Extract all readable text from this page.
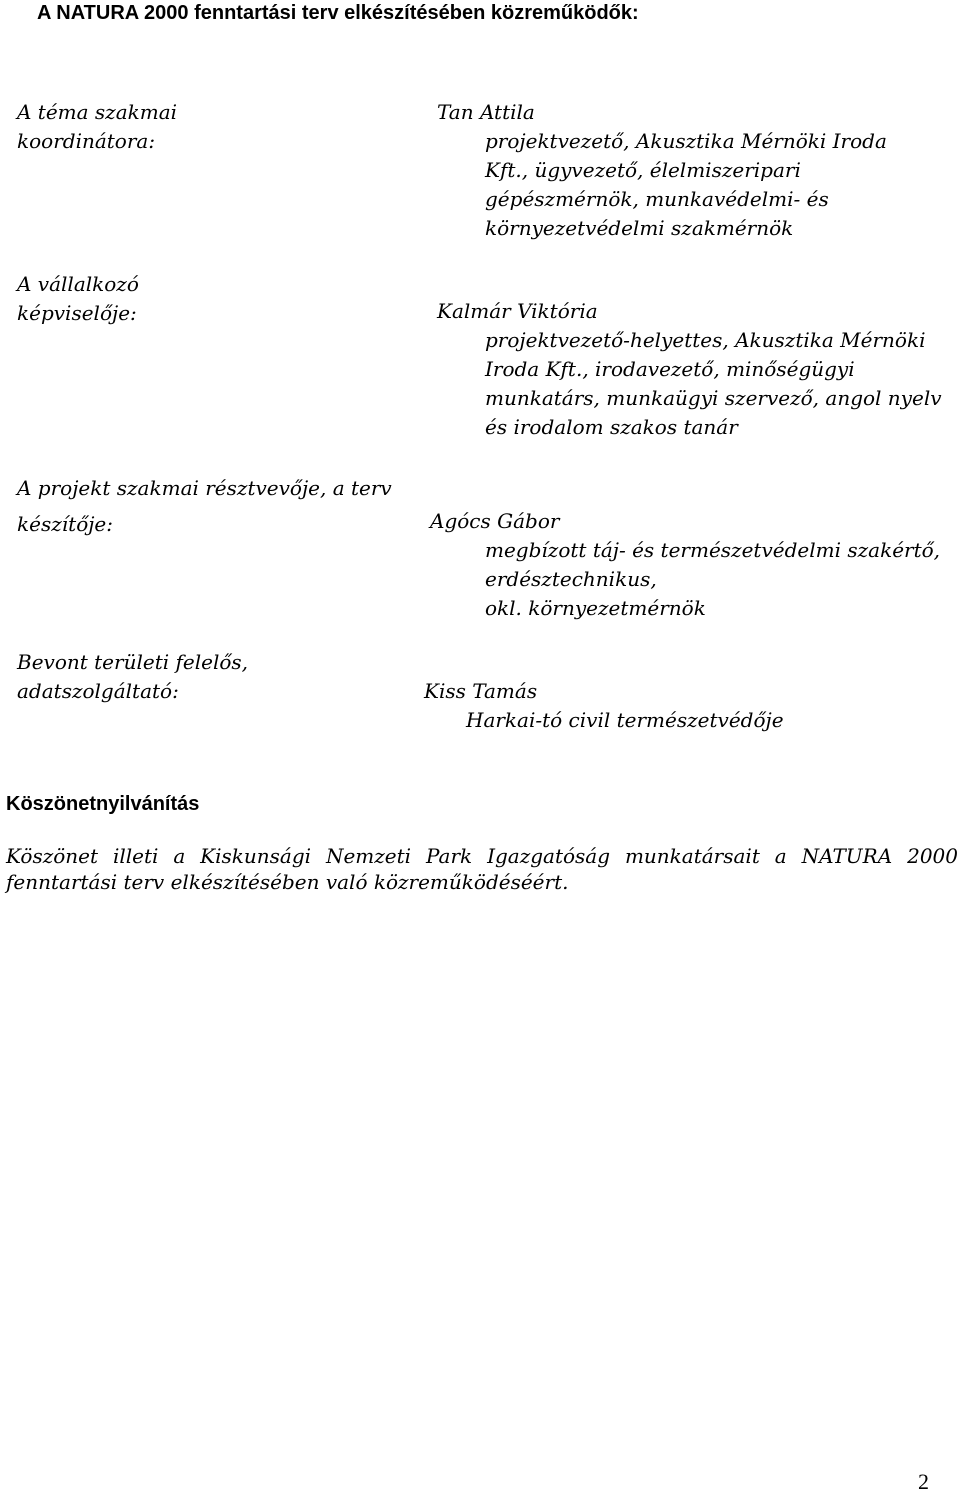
A NATURA 2000 fenntartási terv elkészítésében közreműködők:
A téma szakmai
koordinátora:
Tan Attila
projektvezető, Akusztika Mérnöki Iroda
Kft., ügyvezető, élelmiszeripari
gépészmérnök, munkavédelmi- és
környezetvédelmi szakmérnök
A vállalkozó
képviselője:	Kalmár Viktória
projektvezető-helyettes, Akusztika Mérnöki
Iroda Kft., irodavezető, minőségügyi
munkatárs, munkaügyi szervező, angol nyelv
és irodalom szakos tanár
A projekt szakmai résztvevője, a terv
készítője:	Agócs Gábor
megbízott táj- és természetvédelmi szakértő,
erdésztechnikus,
okl. környezetmérnök
Bevont területi felelős,
adatszolgáltató:	Kiss Tamás
Harkai-tó civil természetvédője
Köszönetnyilvánítás
Köszönet illeti a Kiskunsági Nemzeti Park Igazgatóság munkatársait a NATURA 2000 fenntartási terv elkészítésében való közreműködéséért.
2
